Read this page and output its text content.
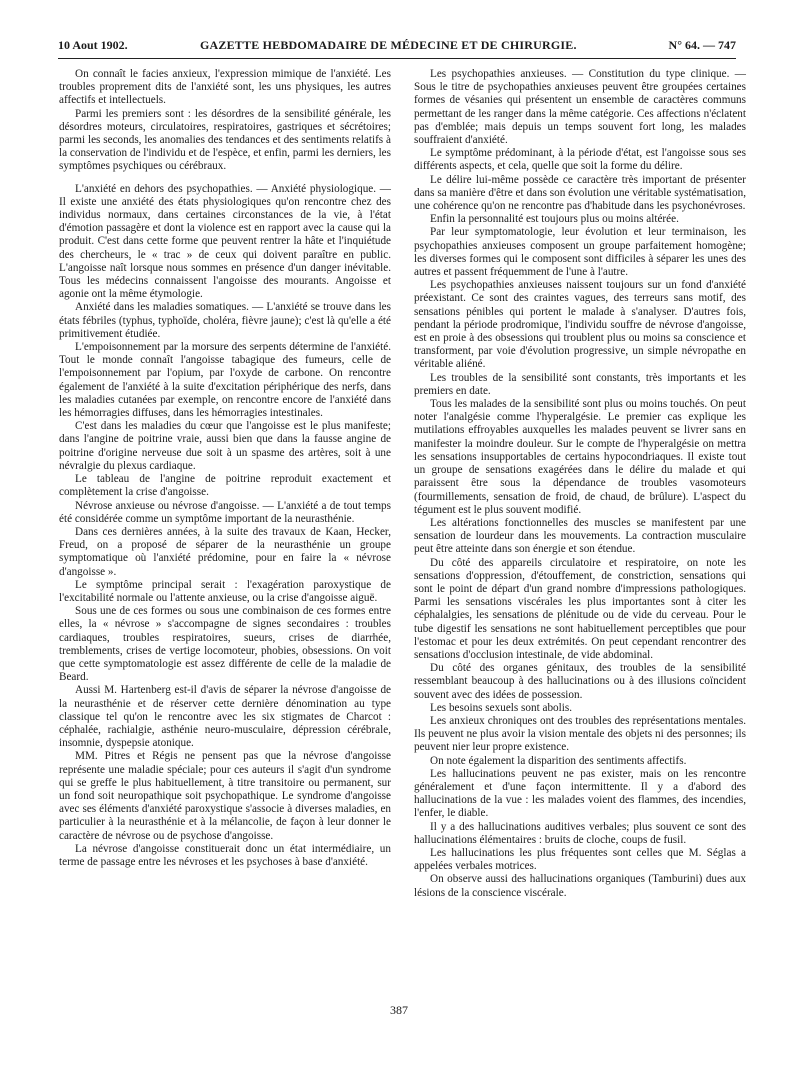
10 Aout 1902.	GAZETTE HEBDOMADAIRE DE MÉDECINE ET DE CHIRURGIE.	N° 64. — 747

On connaît le facies anxieux, l'expression mimique de l'anxiété. Les troubles proprement dits de l'anxiété sont, les uns physiques, les autres affectifs et intellectuels.

Parmi les premiers sont : les désordres de la sensibilité générale, les désordres moteurs, circulatoires, respiratoires, gastriques et sécrétoires; parmi les seconds, les anomalies des tendances et des sentiments relatifs à la conservation de l'individu et de l'espèce, et enfin, parmi les derniers, les symptômes psychiques ou cérébraux.

L'anxiété en dehors des psychopathies. — Anxiété physiologique. — Il existe une anxiété des états physiologiques qu'on rencontre chez des individus normaux, dans certaines circonstances de la vie, à l'état d'émotion passagère et dont la violence est en rapport avec la cause qui la produit. C'est dans cette forme que peuvent rentrer la hâte et l'inquiétude des chercheurs, le « trac » de ceux qui doivent paraître en public. L'angoisse naît lorsque nous sommes en présence d'un danger inévitable. Tous les médecins connaissent l'angoisse des mourants. Angoisse et agonie ont la même étymologie.

Anxiété dans les maladies somatiques. — L'anxiété se trouve dans les états fébriles (typhus, typhoïde, choléra, fièvre jaune); c'est là qu'elle a été primitivement étudiée.

L'empoisonnement par la morsure des serpents détermine de l'anxiété. Tout le monde connaît l'angoisse tabagique des fumeurs, celle de l'empoisonnement par l'opium, par l'oxyde de carbone. On rencontre également de l'anxiété à la suite d'excitation périphérique des nerfs, dans les maladies cutanées par exemple, on rencontre encore de l'anxiété dans les hémorragies diffuses, dans les hémorragies intestinales.

C'est dans les maladies du cœur que l'angoisse est le plus manifeste; dans l'angine de poitrine vraie, aussi bien que dans la fausse angine de poitrine d'origine nerveuse due soit à un spasme des artères, soit à une névralgie du plexus cardiaque.

Le tableau de l'angine de poitrine reproduit exactement et complètement la crise d'angoisse.

Névrose anxieuse ou névrose d'angoisse. — L'anxiété a de tout temps été considérée comme un symptôme important de la neurasthénie.

Dans ces dernières années, à la suite des travaux de Kaan, Hecker, Freud, on a proposé de séparer de la neurasthénie un groupe symptomatique où l'anxiété prédomine, pour en faire la « névrose d'angoisse ».

Le symptôme principal serait : l'exagération paroxystique de l'excitabilité normale ou l'attente anxieuse, ou la crise d'angoisse aiguë.

Sous une de ces formes ou sous une combinaison de ces formes entre elles, la « névrose » s'accompagne de signes secondaires : troubles cardiaques, troubles respiratoires, sueurs, crises de diarrhée, tremblements, crises de vertige locomoteur, phobies, obsessions. On voit que cette symptomatologie est assez différente de celle de la maladie de Beard.

Aussi M. Hartenberg est-il d'avis de séparer la névrose d'angoisse de la neurasthénie et de réserver cette dernière dénomination au type classique tel qu'on le rencontre avec les six stigmates de Charcot : céphalée, rachialgie, asthénie neuro-musculaire, dépression cérébrale, insomnie, dyspepsie atonique.

MM. Pitres et Régis ne pensent pas que la névrose d'angoisse représente une maladie spéciale; pour ces auteurs il s'agit d'un syndrome qui se greffe le plus habituellement, à titre transitoire ou permanent, sur un fond soit neuropathique soit psychopathique. Le syndrome d'angoisse avec ses éléments d'anxiété paroxystique s'associe à diverses maladies, en particulier à la neurasthénie et à la mélancolie, de façon à leur donner le caractère de névrose ou de psychose d'angoisse.

La névrose d'angoisse constituerait donc un état intermédiaire, un terme de passage entre les névroses et les psychoses à base d'anxiété.

Les psychopathies anxieuses. — Constitution du type clinique. — Sous le titre de psychopathies anxieuses peuvent être groupées certaines formes de vésanies qui présentent un ensemble de caractères communs permettant de les ranger dans la même catégorie. Ces affections n'éclatent pas d'emblée; mais depuis un temps souvent fort long, les malades souffraient d'anxiété.

Le symptôme prédominant, à la période d'état, est l'angoisse sous ses différents aspects, et cela, quelle que soit la forme du délire.

Le délire lui-même possède ce caractère très important de présenter dans sa manière d'être et dans son évolution une véritable systématisation, une cohérence qu'on ne rencontre pas d'habitude dans les psychonévroses.

Enfin la personnalité est toujours plus ou moins altérée.

Par leur symptomatologie, leur évolution et leur terminaison, les psychopathies anxieuses composent un groupe parfaitement homogène; les diverses formes qui le composent sont difficiles à séparer les unes des autres et passent fréquemment de l'une à l'autre.

Les psychopathies anxieuses naissent toujours sur un fond d'anxiété préexistant. Ce sont des craintes vagues, des terreurs sans motif, des sensations pénibles qui portent le malade à s'analyser. D'autres fois, pendant la période prodromique, l'individu souffre de névrose d'angoisse, est en proie à des obsessions qui troublent plus ou moins sa conscience et transforment, par voie d'évolution progressive, un simple névropathe en véritable aliéné.

Les troubles de la sensibilité sont constants, très importants et les premiers en date.

Tous les malades de la sensibilité sont plus ou moins touchés. On peut noter l'analgésie comme l'hyperalgésie. Le premier cas explique les mutilations effroyables auxquelles les malades peuvent se livrer sans en manifester la moindre douleur. Sur le compte de l'hyperalgésie on mettra les sensations insupportables de certains hypocondriaques. Il existe tout un groupe de sensations exagérées dans le délire du malade et qui paraissent être sous la dépendance de troubles vasomoteurs (fourmillements, sensation de froid, de chaud, de brûlure). L'aspect du tégument est le plus souvent modifié.

Les altérations fonctionnelles des muscles se manifestent par une sensation de lourdeur dans les mouvements. La contraction musculaire peut être atteinte dans son énergie et son étendue.

Du côté des appareils circulatoire et respiratoire, on note les sensations d'oppression, d'étouffement, de constriction, sensations qui sont le point de départ d'un grand nombre d'impressions pathologiques. Parmi les sensations viscérales les plus importantes sont à citer les céphalalgies, les sensations de plénitude ou de vide du cerveau. Pour le tube digestif les sensations ne sont habituellement perceptibles que pour l'estomac et pour les deux extrémités. On peut cependant rencontrer des sensations d'occlusion intestinale, de vide abdominal.

Du côté des organes génitaux, des troubles de la sensibilité ressemblant beaucoup à des hallucinations ou à des illusions coïncident souvent avec des idées de possession.

Les besoins sexuels sont abolis.

Les anxieux chroniques ont des troubles des représentations mentales. Ils peuvent ne plus avoir la vision mentale des objets ni des personnes; ils peuvent nier leur propre existence.

On note également la disparition des sentiments affectifs.

Les hallucinations peuvent ne pas exister, mais on les rencontre généralement et d'une façon intermittente. Il y a d'abord des hallucinations de la vue : les malades voient des flammes, des incendies, l'enfer, le diable.

Il y a des hallucinations auditives verbales; plus souvent ce sont des hallucinations élémentaires : bruits de cloche, coups de fusil.

Les hallucinations les plus fréquentes sont celles que M. Séglas a appelées verbales motrices.

On observe aussi des hallucinations organiques (Tamburini) dues aux lésions de la conscience viscérale.

387
